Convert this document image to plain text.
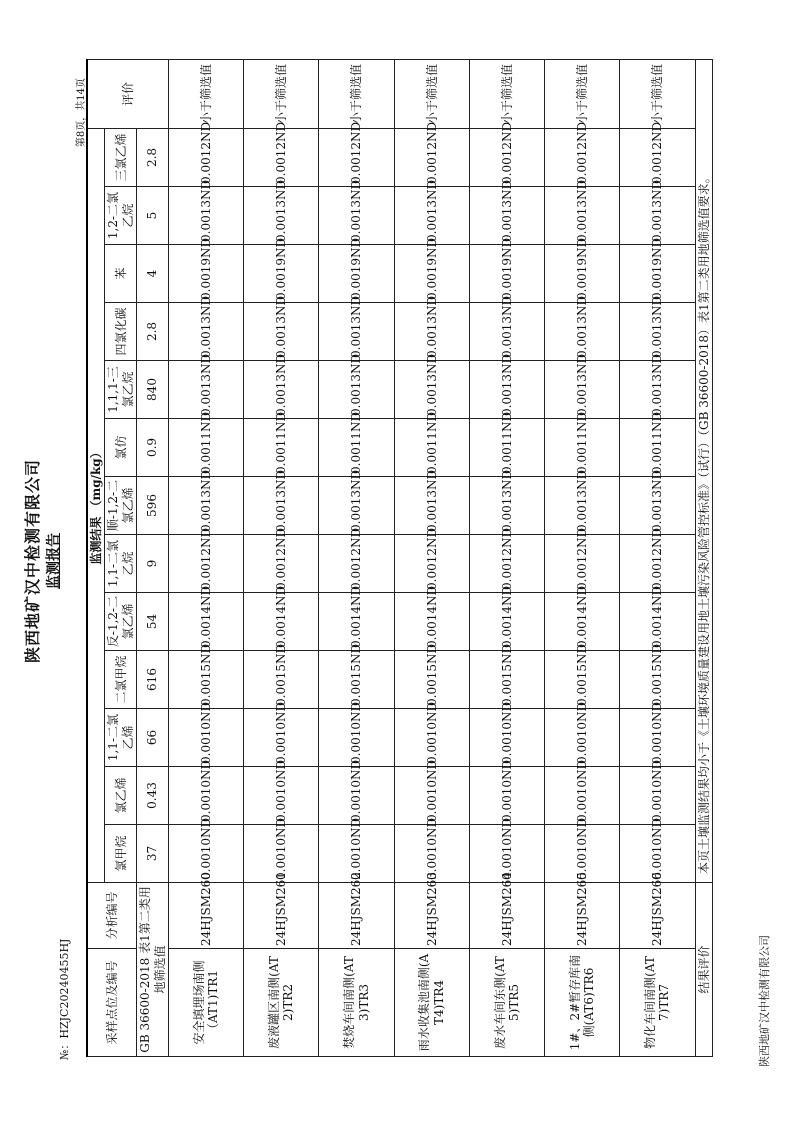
陕西地矿汉中检测有限公司 监测报告
№：HZJC20240455HJ
第8页，共14页
采样点位及编号	分析编号	监测结果 （mg/kg）													评价
		氯甲烷	氯乙烯	1,1-二氯乙烯	二氯甲烷	反-1,2-二氯乙烯	1,1-二氯乙烷	顺-1,2-二氯乙烯	氯仿	1,1,1-三氯乙烷	四氯化碳	苯	1,2-二氯乙烷	三氯乙烯	
GB 36600-2018 表1第二类用地筛选值		37	0.43	66	616	54	9	596	0.9	840	2.8	4	5	2.8	
安全填埋场南侧（AT1)TR1	24HJSM260	0.0010ND	0.0010ND	0.0010ND	0.0015ND	0.0014ND	0.0012ND	0.0013ND	0.0011ND	0.0013ND	0.0013ND	0.0019ND	0.0013ND	0.0012ND	小于筛选值
废液罐区南侧(AT2)TR2	24HJSM261	0.0010ND	0.0010ND	0.0010ND	0.0015ND	0.0014ND	0.0012ND	0.0013ND	0.0011ND	0.0013ND	0.0013ND	0.0019ND	0.0013ND	0.0012ND	小于筛选值
焚烧车间南侧(AT3)TR3	24HJSM262	0.0010ND	0.0010ND	0.0010ND	0.0015ND	0.0014ND	0.0012ND	0.0013ND	0.0011ND	0.0013ND	0.0013ND	0.0019ND	0.0013ND	0.0012ND	小于筛选值
雨水收集池南侧(AT4)TR4	24HJSM263	0.0010ND	0.0010ND	0.0010ND	0.0015ND	0.0014ND	0.0012ND	0.0013ND	0.0011ND	0.0013ND	0.0013ND	0.0019ND	0.0013ND	0.0012ND	小于筛选值
废水车间东侧(AT5)TR5	24HJSM264	0.0010ND	0.0010ND	0.0010ND	0.0015ND	0.0014ND	0.0012ND	0.0013ND	0.0011ND	0.0013ND	0.0013ND	0.0019ND	0.0013ND	0.0012ND	小于筛选值
1#、2#暂存库南侧(AT6)TR6	24HJSM265	0.0010ND	0.0010ND	0.0010ND	0.0015ND	0.0014ND	0.0012ND	0.0013ND	0.0011ND	0.0013ND	0.0013ND	0.0019ND	0.0013ND	0.0012ND	小于筛选值
物化车间南侧(AT7)TR7	24HJSM266	0.0010ND	0.0010ND	0.0010ND	0.0015ND	0.0014ND	0.0012ND	0.0013ND	0.0011ND	0.0013ND	0.0013ND	0.0019ND	0.0013ND	0.0012ND	小于筛选值
结果评价		本页土壤监测结果均小于《土壤环境质量建设用地土壤污染风险管控标准》（试行）（GB 36600-2018）表1第二类用地筛选值要求。													
陕西地矿汉中检测有限公司
